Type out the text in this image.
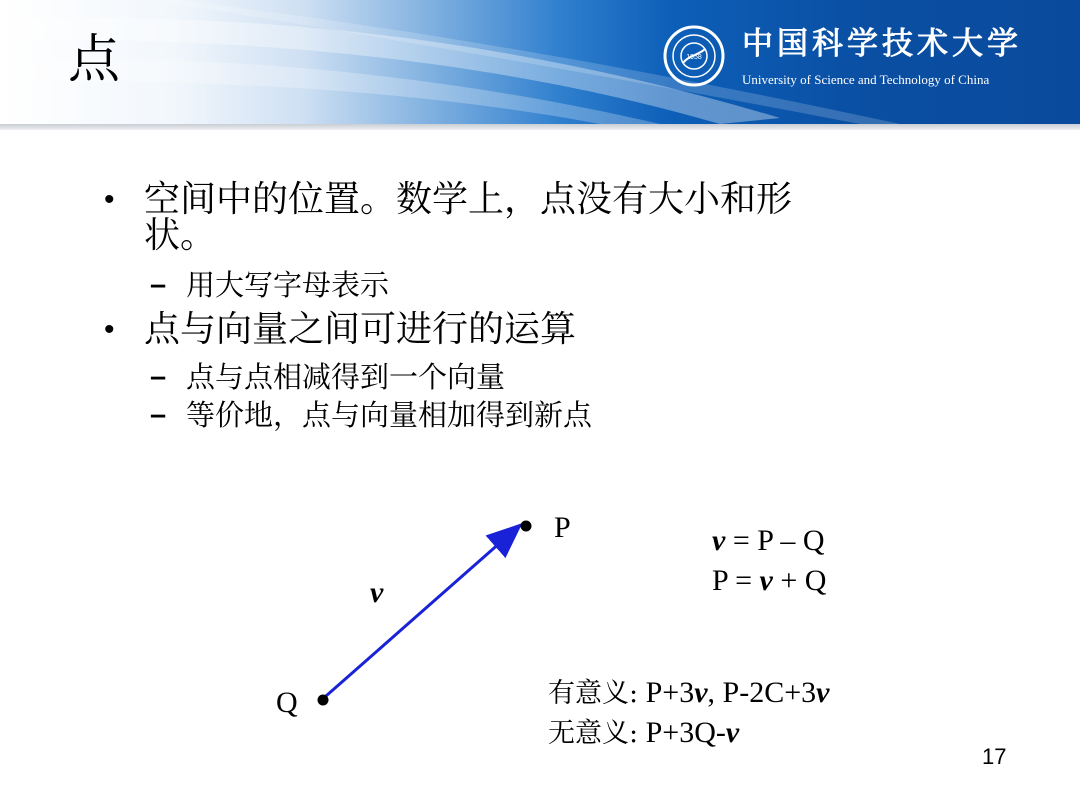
点	1958 中国科学技术大学
University of Science and Technology of China
• 空间中的位置。数学上，点没有大小和形
状。
– 用大写字母表示
• 点与向量之间可进行的运算
– 点与点相减得到一个向量
– 等价地，点与向量相加得到新点
P
Q
v
v = P – Q
P = v + Q
有意义: P+3v, P-2C+3v
无意义: P+3Q-v
17
